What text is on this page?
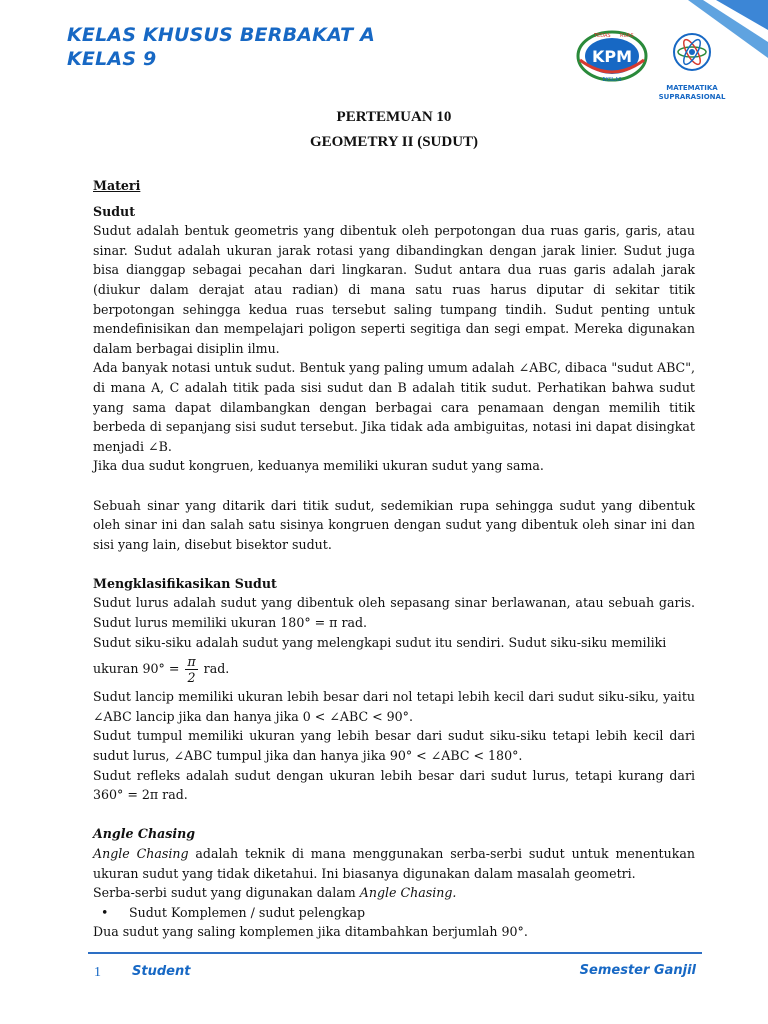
KELAS KHUSUS BERBAKAT A
KELAS 9	KPM
TEDAS RUAS
EKSLAS
MATEMATIKA
SUPRARASIONAL
PERTEMUAN 10
GEOMETRY II (SUDUT)

Materi

Sudut

Sudut adalah bentuk geometris yang dibentuk oleh perpotongan dua ruas garis, garis, atau sinar. Sudut adalah ukuran jarak rotasi yang dibandingkan dengan jarak linier. Sudut juga bisa dianggap sebagai pecahan dari lingkaran. Sudut antara dua ruas garis adalah jarak (diukur dalam derajat atau radian) di mana satu ruas harus diputar di sekitar titik berpotongan sehingga kedua ruas tersebut saling tumpang tindih. Sudut penting untuk mendefinisikan dan mempelajari poligon seperti segitiga dan segi empat. Mereka digunakan dalam berbagai disiplin ilmu.

Ada banyak notasi untuk sudut. Bentuk yang paling umum adalah ∠ABC, dibaca "sudut ABC", di mana A, C adalah titik pada sisi sudut dan B adalah titik sudut. Perhatikan bahwa sudut yang sama dapat dilambangkan dengan berbagai cara penamaan dengan memilih titik berbeda di sepanjang sisi sudut tersebut. Jika tidak ada ambiguitas, notasi ini dapat disingkat menjadi ∠B.

Jika dua sudut kongruen, keduanya memiliki ukuran sudut yang sama.

Sebuah sinar yang ditarik dari titik sudut, sedemikian rupa sehingga sudut yang dibentuk oleh sinar ini dan salah satu sisinya kongruen dengan sudut yang dibentuk oleh sinar ini dan sisi yang lain, disebut bisektor sudut.

Mengklasifikasikan Sudut

Sudut lurus adalah sudut yang dibentuk oleh sepasang sinar berlawanan, atau sebuah garis. Sudut lurus memiliki ukuran 180° = π rad.

Sudut siku-siku adalah sudut yang melengkapi sudut itu sendiri. Sudut siku-siku memiliki

ukuran $90^\circ = \frac{\pi}{2}$ rad.

Sudut lancip memiliki ukuran lebih besar dari nol tetapi lebih kecil dari sudut siku-siku, yaitu ∠ABC lancip jika dan hanya jika 0 < ∠ABC < 90°.

Sudut tumpul memiliki ukuran yang lebih besar dari sudut siku-siku tetapi lebih kecil dari sudut lurus, ∠ABC tumpul jika dan hanya jika 90° < ∠ABC < 180°.

Sudut refleks adalah sudut dengan ukuran lebih besar dari sudut lurus, tetapi kurang dari 360° = 2π rad.

Angle Chasing

Angle Chasing adalah teknik di mana menggunakan serba-serbi sudut untuk menentukan ukuran sudut yang tidak diketahui. Ini biasanya digunakan dalam masalah geometri.

Serba-serbi sudut yang digunakan dalam Angle Chasing.

•	Sudut Komplemen / sudut pelengkap

Dua sudut yang saling komplemen jika ditambahkan berjumlah 90°.

1 Student	Semester Ganjil
